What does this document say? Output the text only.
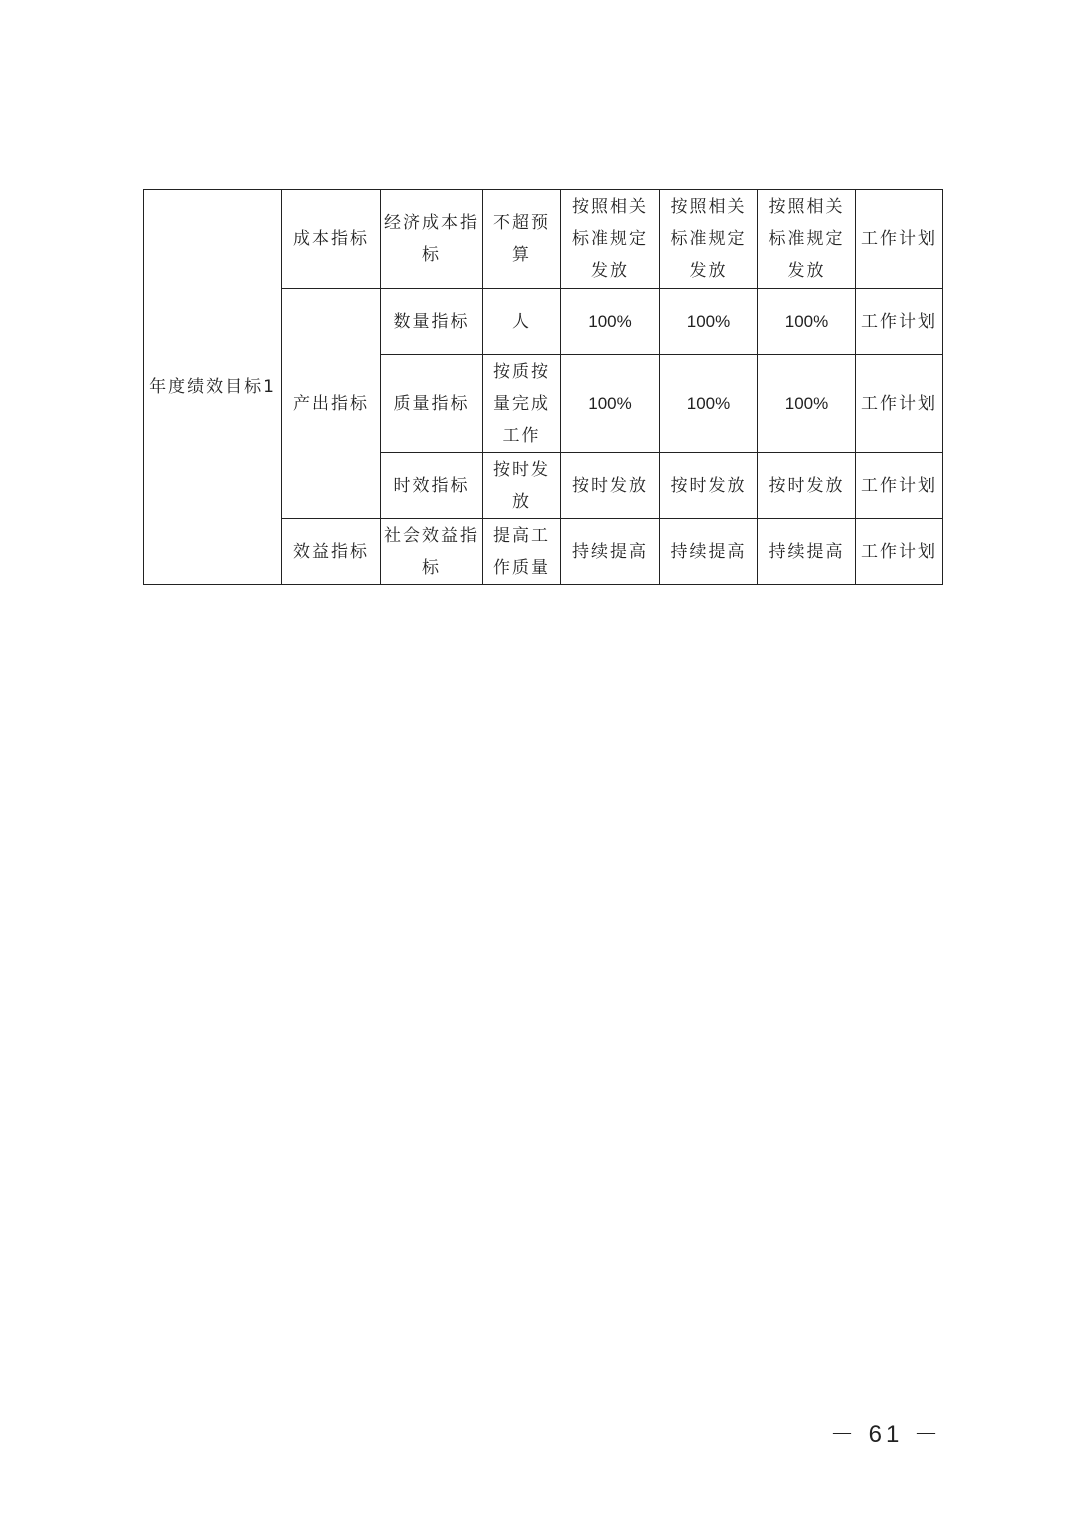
年度绩效目标1	成本指标	经济成本指标	不超预算	按照相关标准规定发放	按照相关标准规定发放	按照相关标准规定发放	工作计划
	产出指标	数量指标	人	100%	100%	100%	工作计划
		质量指标	按质按量完成工作	100%	100%	100%	工作计划
		时效指标	按时发放	按时发放	按时发放	按时发放	工作计划
	效益指标	社会效益指标	提高工作质量	持续提高	持续提高	持续提高	工作计划
－ 61 －
